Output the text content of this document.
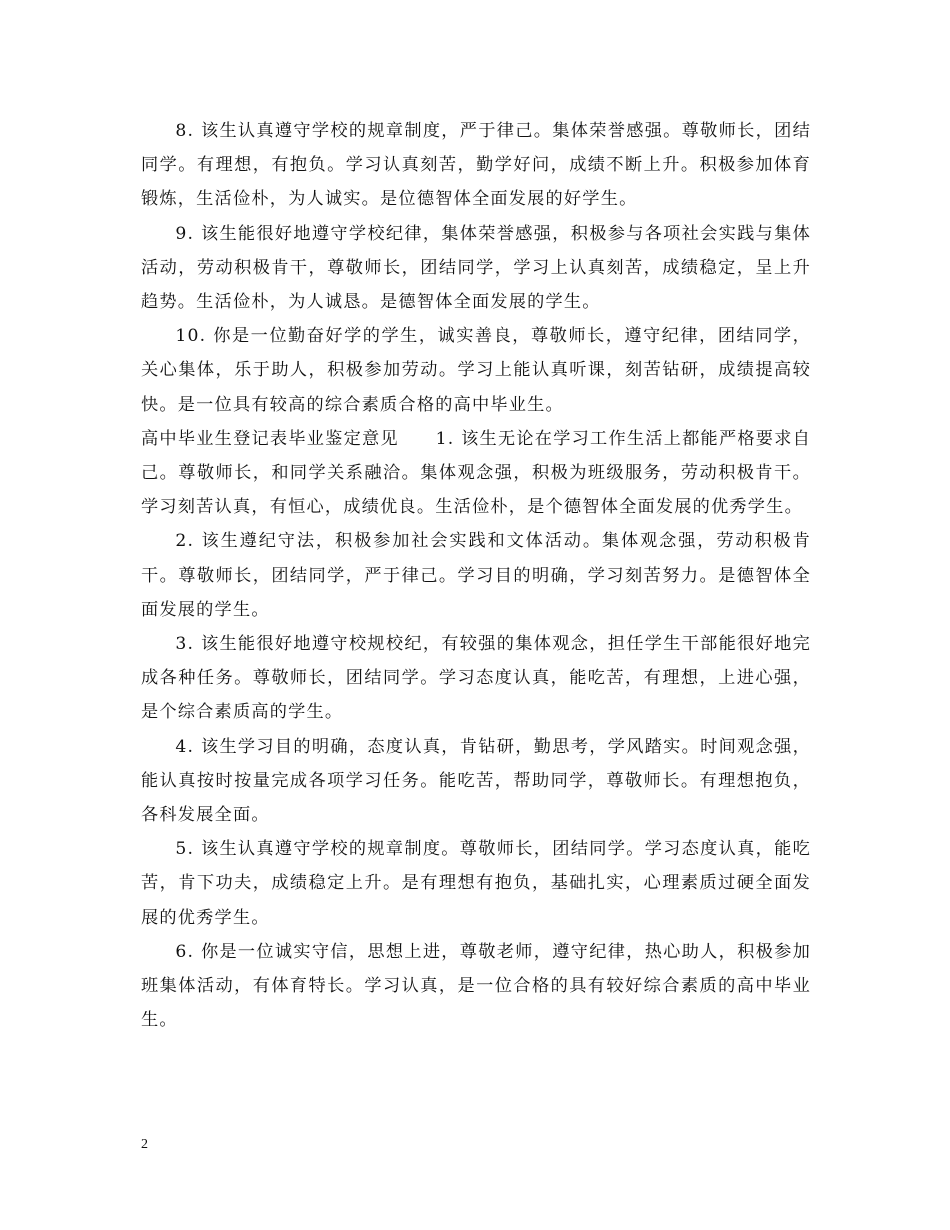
8. 该生认真遵守学校的规章制度，严于律己。集体荣誉感强。尊敬师长，团结同学。有理想，有抱负。学习认真刻苦，勤学好问，成绩不断上升。积极参加体育锻炼，生活俭朴，为人诚实。是位德智体全面发展的好学生。

9. 该生能很好地遵守学校纪律，集体荣誉感强，积极参与各项社会实践与集体活动，劳动积极肯干，尊敬师长，团结同学，学习上认真刻苦，成绩稳定，呈上升趋势。生活俭朴，为人诚恳。是德智体全面发展的学生。

10. 你是一位勤奋好学的学生，诚实善良，尊敬师长，遵守纪律，团结同学，关心集体，乐于助人，积极参加劳动。学习上能认真听课，刻苦钻研，成绩提高较快。是一位具有较高的综合素质合格的高中毕业生。

高中毕业生登记表毕业鉴定意见　　1. 该生无论在学习工作生活上都能严格要求自己。尊敬师长，和同学关系融洽。集体观念强，积极为班级服务，劳动积极肯干。学习刻苦认真，有恒心，成绩优良。生活俭朴，是个德智体全面发展的优秀学生。

2. 该生遵纪守法，积极参加社会实践和文体活动。集体观念强，劳动积极肯干。尊敬师长，团结同学，严于律己。学习目的明确，学习刻苦努力。是德智体全面发展的学生。

3. 该生能很好地遵守校规校纪，有较强的集体观念，担任学生干部能很好地完成各种任务。尊敬师长，团结同学。学习态度认真，能吃苦，有理想，上进心强，是个综合素质高的学生。

4. 该生学习目的明确，态度认真，肯钻研，勤思考，学风踏实。时间观念强，能认真按时按量完成各项学习任务。能吃苦，帮助同学，尊敬师长。有理想抱负，各科发展全面。

5. 该生认真遵守学校的规章制度。尊敬师长，团结同学。学习态度认真，能吃苦，肯下功夫，成绩稳定上升。是有理想有抱负，基础扎实，心理素质过硬全面发展的优秀学生。

6. 你是一位诚实守信，思想上进，尊敬老师，遵守纪律，热心助人，积极参加班集体活动，有体育特长。学习认真，是一位合格的具有较好综合素质的高中毕业生。

2
